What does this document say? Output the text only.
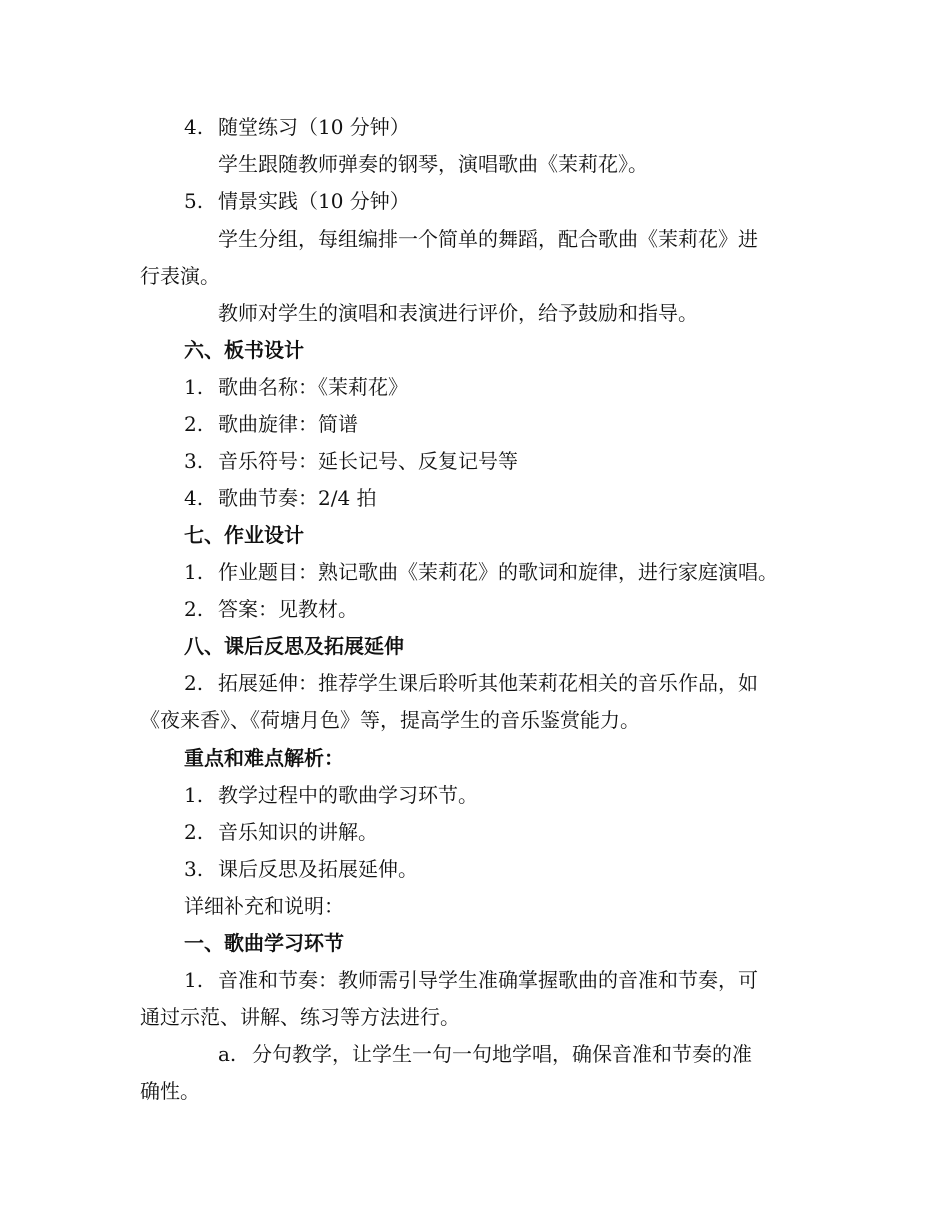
4. 随堂练习（10 分钟）
学生跟随教师弹奏的钢琴，演唱歌曲《茉莉花》。
5. 情景实践（10 分钟）
学生分组，每组编排一个简单的舞蹈，配合歌曲《茉莉花》进
行表演。
教师对学生的演唱和表演进行评价，给予鼓励和指导。
六、板书设计
1. 歌曲名称：《茉莉花》
2. 歌曲旋律：简谱
3. 音乐符号：延长记号、反复记号等
4. 歌曲节奏：2/4 拍
七、作业设计
1. 作业题目：熟记歌曲《茉莉花》的歌词和旋律，进行家庭演唱。
2. 答案：见教材。
八、课后反思及拓展延伸
2. 拓展延伸：推荐学生课后聆听其他茉莉花相关的音乐作品，如
《夜来香》、《荷塘月色》等，提高学生的音乐鉴赏能力。
重点和难点解析：
1. 教学过程中的歌曲学习环节。
2. 音乐知识的讲解。
3. 课后反思及拓展延伸。
详细补充和说明：
一、歌曲学习环节
1. 音准和节奏：教师需引导学生准确掌握歌曲的音准和节奏，可
通过示范、讲解、练习等方法进行。
a. 分句教学，让学生一句一句地学唱，确保音准和节奏的准
确性。
